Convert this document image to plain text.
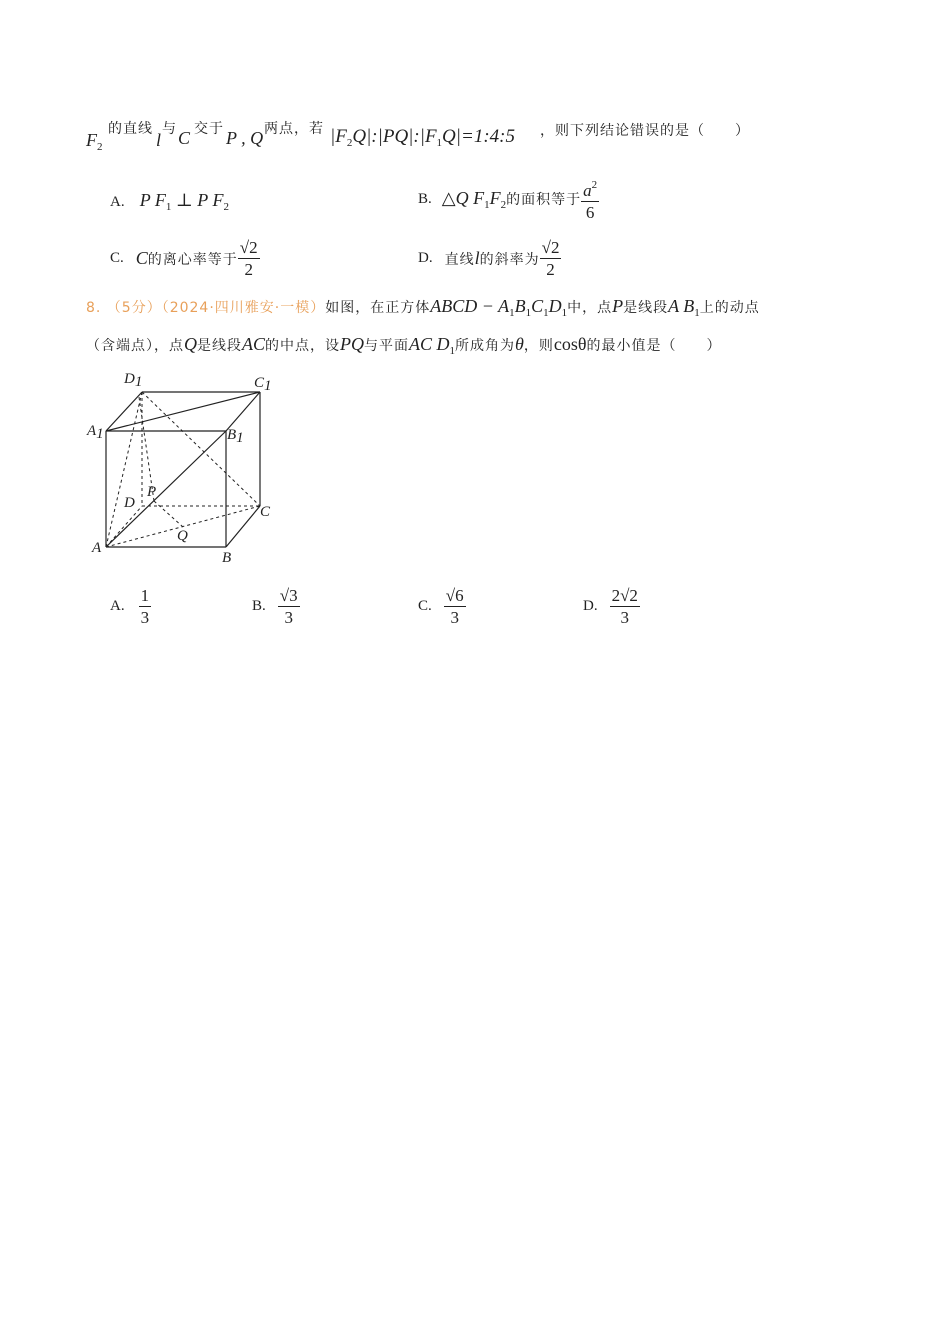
$F_2$
的直线
l
与 C 交于 P , Q 两点，若 $|F_2Q|:|PQ|:|F_1Q|=1:4:5$ ，则下列结论错误的是（　　）
A. P $F_1$ ⊥ P $F_2$
B. △Q $F_1F_2$ 的面积等于 $\frac{a^2}{6}$
C. C 的离心率等于 $\frac{√2}{2}$	D. 直线 l 的斜率为 $\frac{√2}{2}$
8. （5分）（2024·四川雅安·一模）如图，在正方体ABCD − $A_1B_1C_1D_1$中，点P是线段A $B_1$上的动点
（含端点），点Q是线段AC的中点，设PQ与平面AC $D_1$所成角为θ，则cosθ的最小值是（　　）
D1	C1
A1	B1
D
P
C
Q
A
B
A. $\frac{1}{3}$	B. $\frac{√3}{3}$	C. $\frac{√6}{3}$	D. $\frac{2√2}{3}$
